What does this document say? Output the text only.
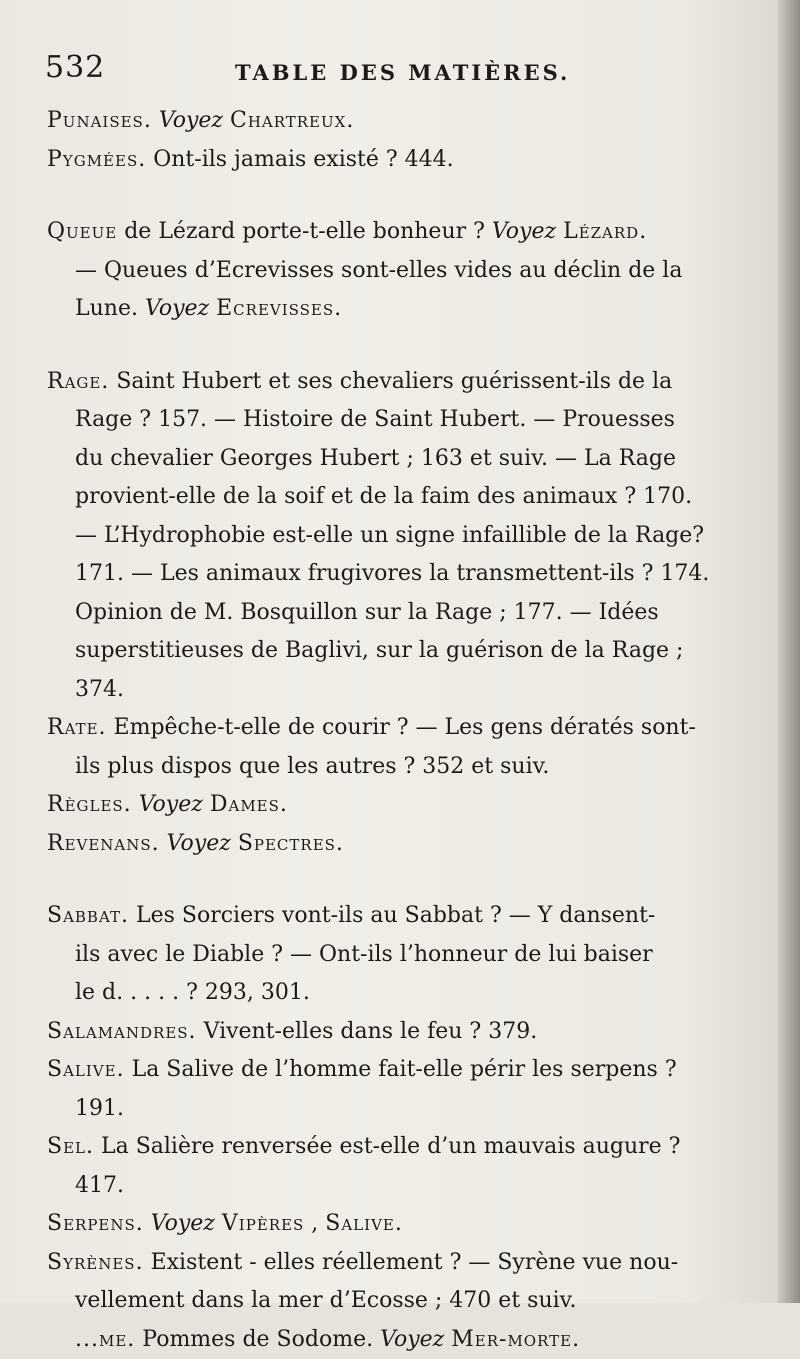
532	TABLE DES MATIÈRES.
Punaises. Voyez Chartreux.
Pygmées. Ont-ils jamais existé ? 444.
Queue de Lézard porte-t-elle bonheur ? Voyez Lézard.
— Queues d’Ecrevisses sont-elles vides au déclin de la
Lune. Voyez Ecrevisses.
Rage. Saint Hubert et ses chevaliers guérissent-ils de la
Rage ? 157. — Histoire de Saint Hubert. — Prouesses
du chevalier Georges Hubert ; 163 et suiv. — La Rage
provient-elle de la soif et de la faim des animaux ? 170.
— L’Hydrophobie est-elle un signe infaillible de la Rage?
171. — Les animaux frugivores la transmettent-ils ? 174.
Opinion de M. Bosquillon sur la Rage ; 177. — Idées
superstitieuses de Baglivi, sur la guérison de la Rage ;
374.
Rate. Empêche-t-elle de courir ? — Les gens dératés sont-
ils plus dispos que les autres ? 352 et suiv.
Règles. Voyez Dames.
Revenans. Voyez Spectres.
Sabbat. Les Sorciers vont-ils au Sabbat ? — Y dansent-
ils avec le Diable ? — Ont-ils l’honneur de lui baiser
le d. . . . . ? 293, 301.
Salamandres. Vivent-elles dans le feu ? 379.
Salive. La Salive de l’homme fait-elle périr les serpens ?
191.
Sel. La Salière renversée est-elle d’un mauvais augure ?
417.
Serpens. Voyez Vipères , Salive.
Syrènes. Existent - elles réellement ? — Syrène vue nou-
vellement dans la mer d’Ecosse ; 470 et suiv.
...me. Pommes de Sodome. Voyez Mer-morte.
